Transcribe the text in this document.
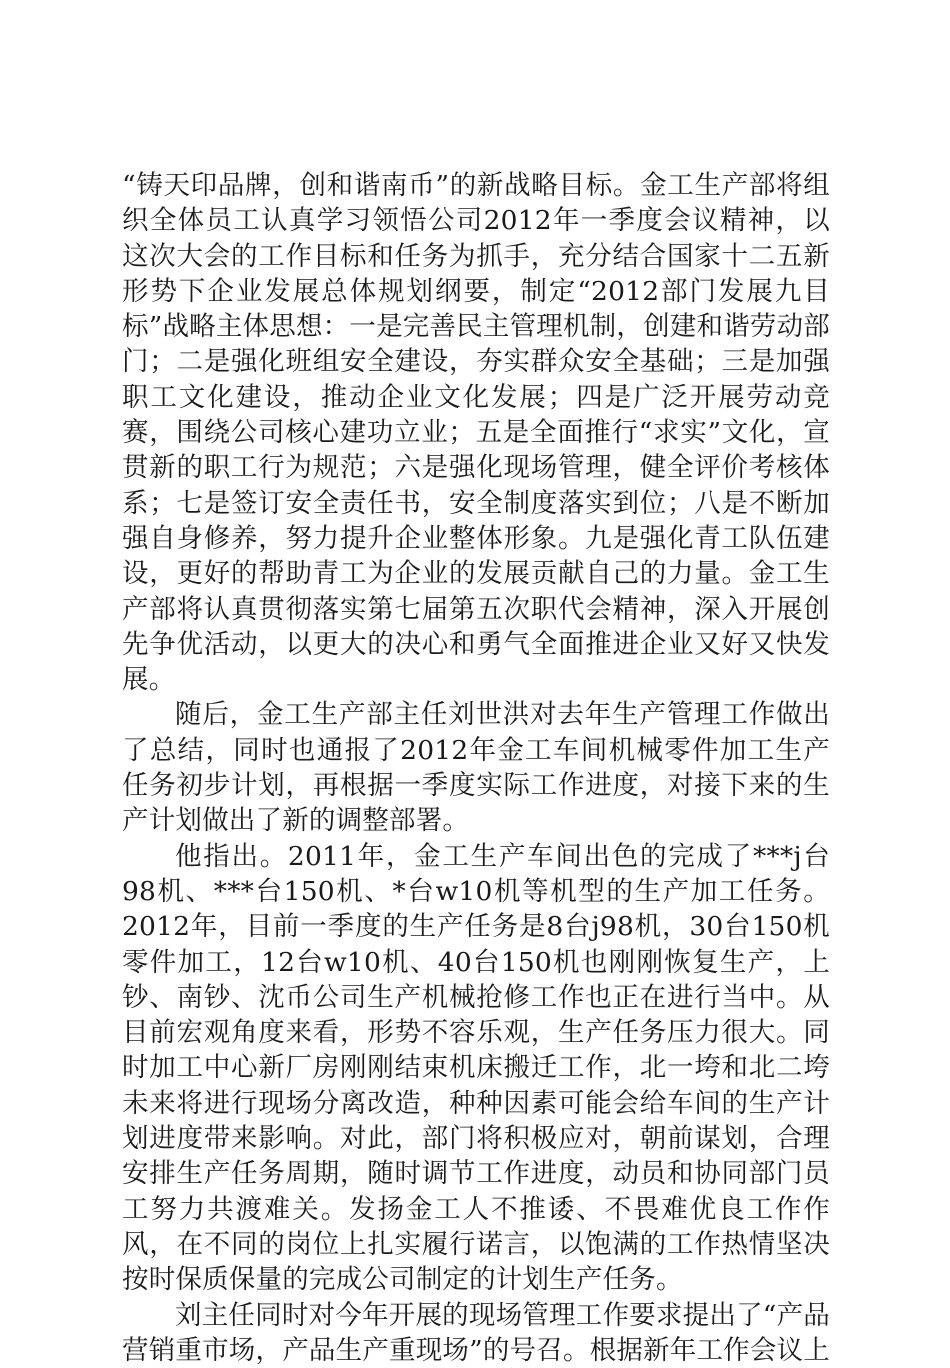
“铸天印品牌，创和谐南币”的新战略目标。金工生产部将组织全体员工认真学习领悟公司2012年一季度会议精神，以这次大会的工作目标和任务为抓手，充分结合国家十二五新形势下企业发展总体规划纲要，制定“2012部门发展九目标”战略主体思想：一是完善民主管理机制，创建和谐劳动部门；二是强化班组安全建设，夯实群众安全基础；三是加强职工文化建设，推动企业文化发展；四是广泛开展劳动竞赛，围绕公司核心建功立业；五是全面推行“求实”文化，宣贯新的职工行为规范；六是强化现场管理，健全评价考核体系；七是签订安全责任书，安全制度落实到位；八是不断加强自身修养，努力提升企业整体形象。九是强化青工队伍建设，更好的帮助青工为企业的发展贡献自己的力量。金工生产部将认真贯彻落实第七届第五次职代会精神，深入开展创先争优活动，以更大的决心和勇气全面推进企业又好又快发展。

随后，金工生产部主任刘世洪对去年生产管理工作做出了总结，同时也通报了2012年金工车间机械零件加工生产任务初步计划，再根据一季度实际工作进度，对接下来的生产计划做出了新的调整部署。

他指出。2011年，金工生产车间出色的完成了***j台98机、***台150机、*台w10机等机型的生产加工任务。2012年，目前一季度的生产任务是8台j98机，30台150机零件加工，12台w10机、40台150机也刚刚恢复生产，上钞、南钞、沈币公司生产机械抢修工作也正在进行当中。从目前宏观角度来看，形势不容乐观，生产任务压力很大。同时加工中心新厂房刚刚结束机床搬迁工作，北一垮和北二垮未来将进行现场分离改造，种种因素可能会给车间的生产计划进度带来影响。对此，部门将积极应对，朝前谋划，合理安排生产任务周期，随时调节工作进度，动员和协同部门员工努力共渡难关。发扬金工人不推诿、不畏难优良工作作风，在不同的岗位上扎实履行诺言，以饱满的工作热情坚决按时保质保量的完成公司制定的计划生产任务。

刘主任同时对今年开展的现场管理工作要求提出了“产品营销重市场，产品生产重现场”的号召。根据新年工作会议上
